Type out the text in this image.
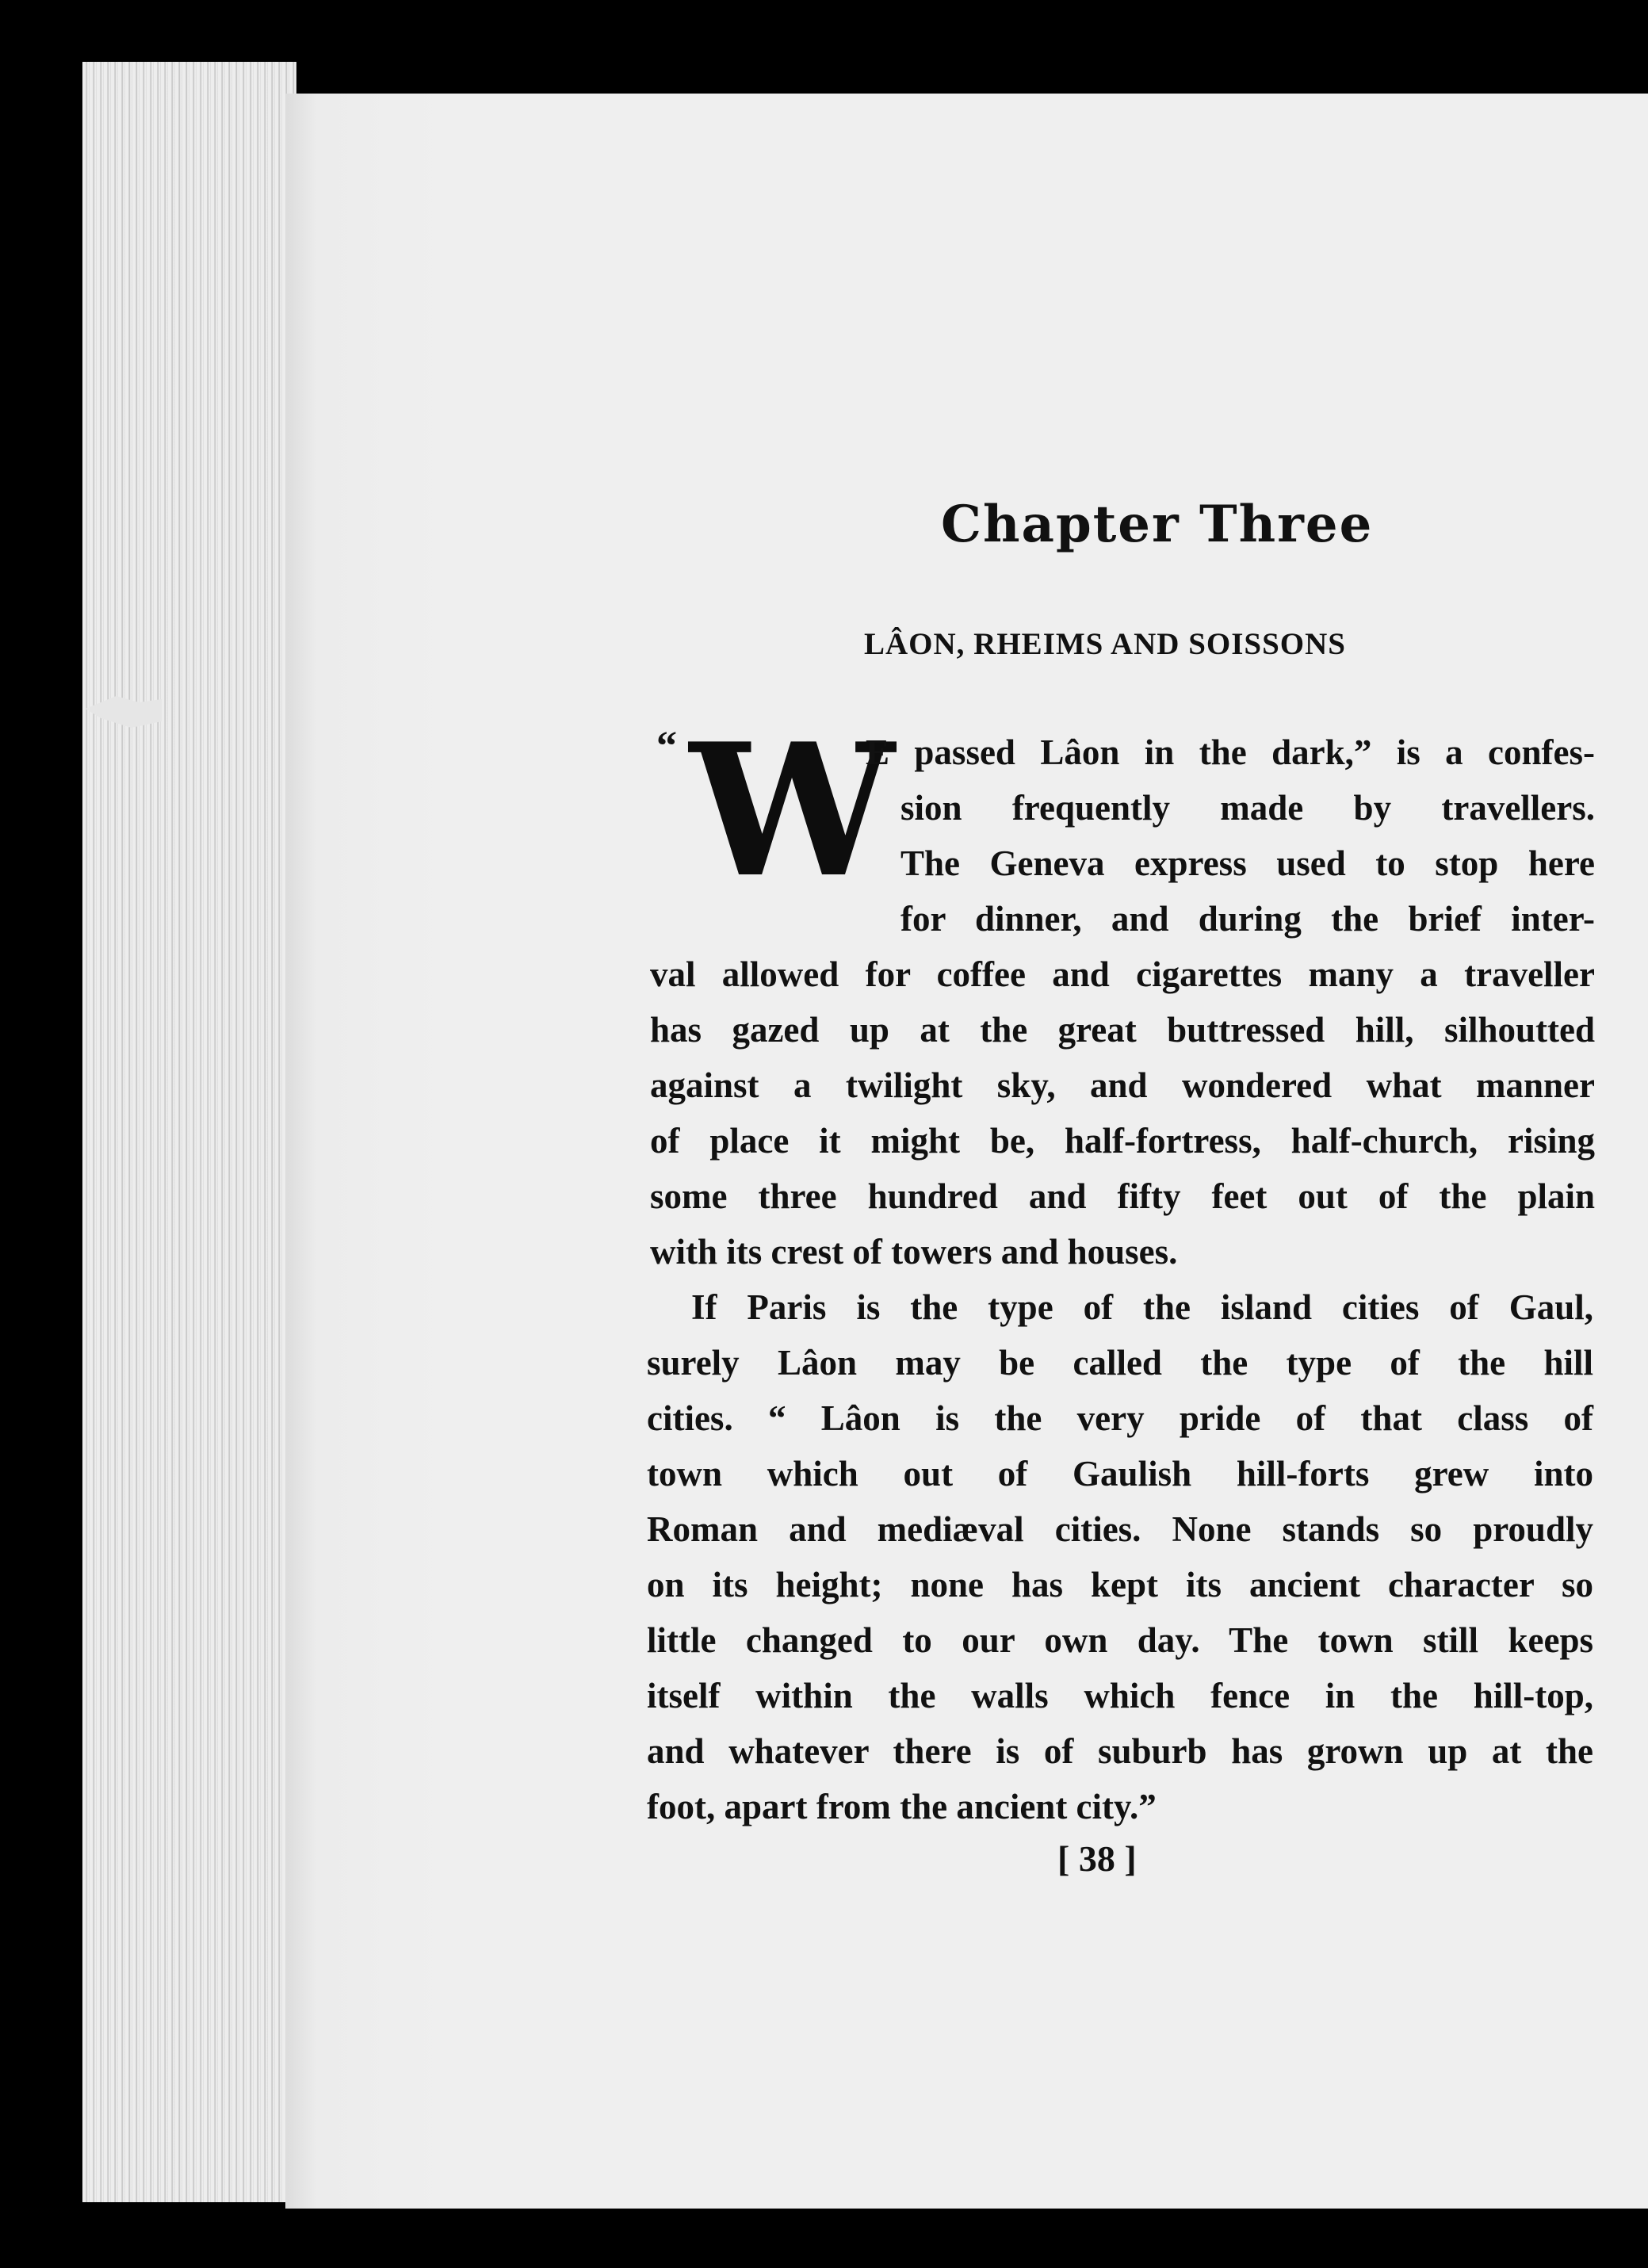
Chapter Three
LÂON, RHEIMS AND SOISSONS
“ W
E passed Lâon in the dark,” is a confes-
sion frequently made by travellers.
The Geneva express used to stop here
for dinner, and during the brief inter-
val allowed for coffee and cigarettes many a traveller
has gazed up at the great buttressed hill, silhoutted
against a twilight sky, and wondered what manner
of place it might be, half-fortress, half-church, rising
some three hundred and fifty feet out of the plain
with its crest of towers and houses.
If Paris is the type of the island cities of Gaul,
surely Lâon may be called the type of the hill
cities. “ Lâon is the very pride of that class of
town which out of Gaulish hill-forts grew into
Roman and mediæval cities. None stands so proudly
on its height; none has kept its ancient character so
little changed to our own day. The town still keeps
itself within the walls which fence in the hill-top,
and whatever there is of suburb has grown up at the
foot, apart from the ancient city.”
[ 38 ]
